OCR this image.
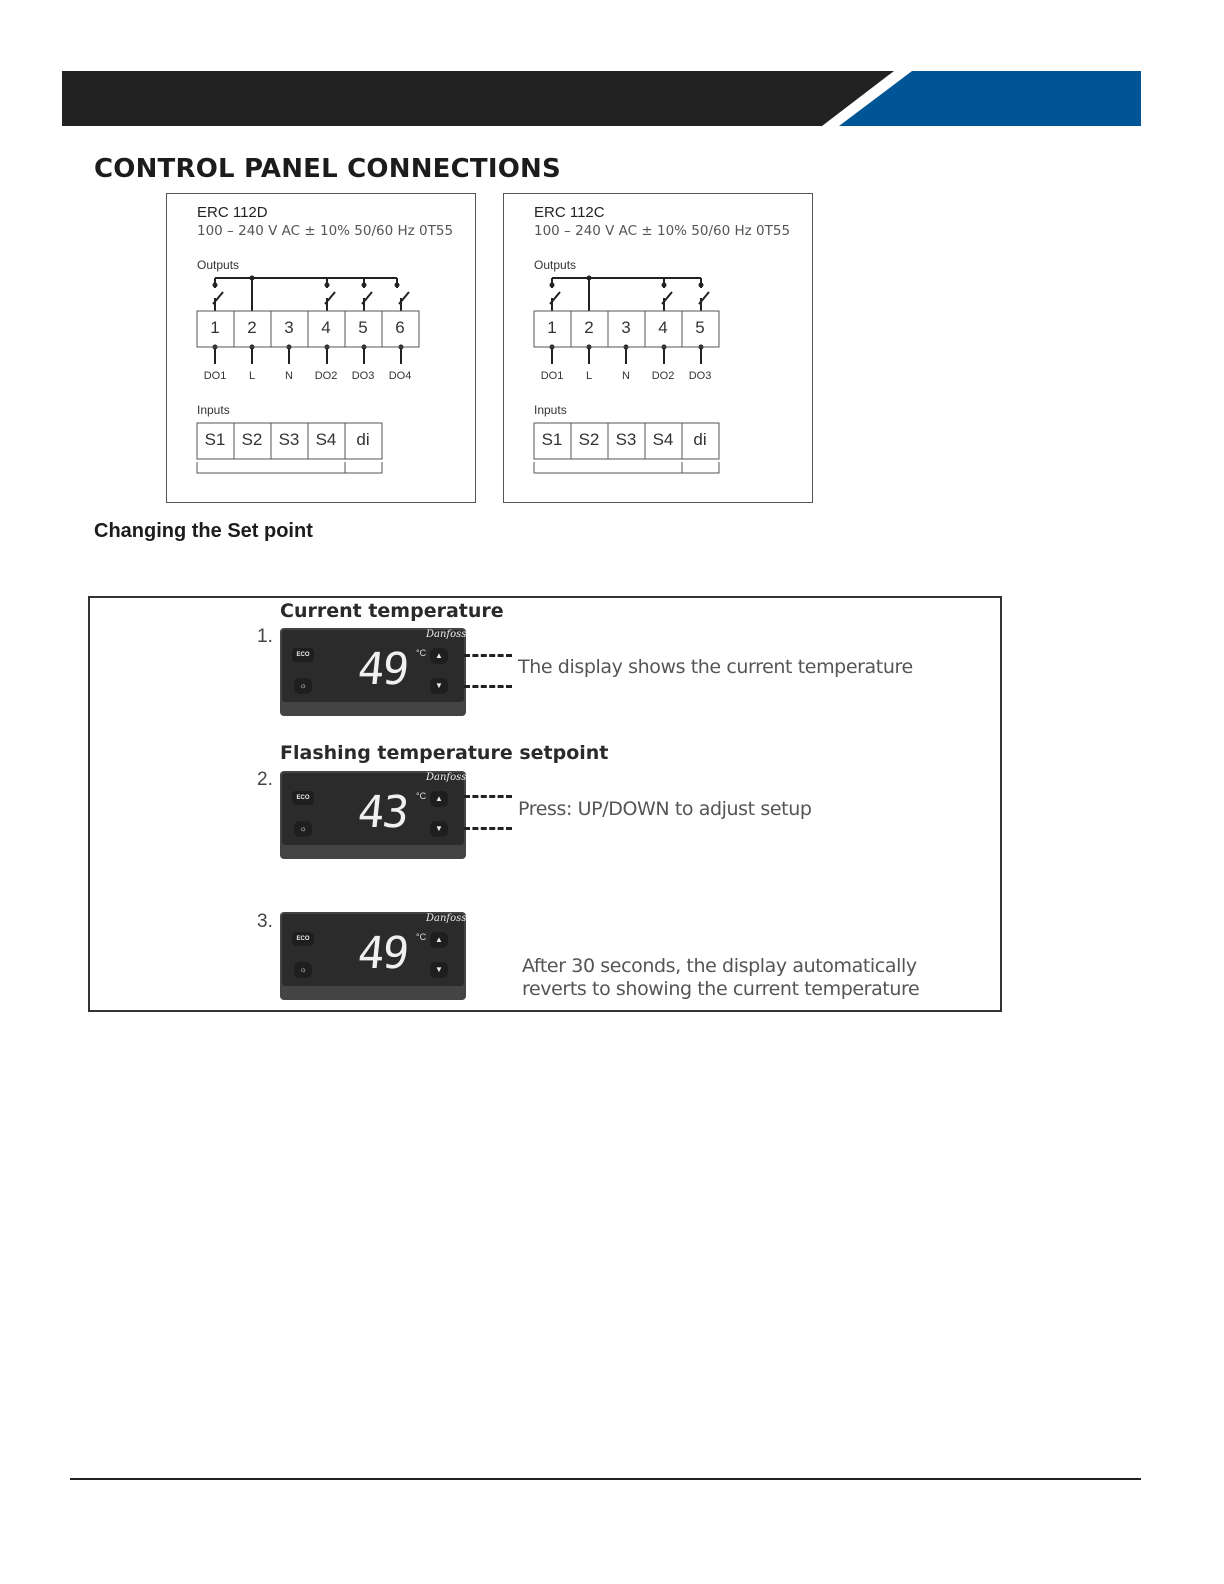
CONTROL PANEL CONNECTIONS
ERC 112D
100 – 240 V AC ± 10% 50/60 Hz 0T55
Outputs
1	2	3	4	5	6
DO1	L	N	DO2	DO3	DO4
Inputs
S1 S2 S3 S4	di
ERC 112C
100 – 240 V AC ± 10% 50/60 Hz 0T55
Outputs
1	2	3	4	5
DO1	L	N	DO2	DO3
Inputs
S1 S2 S3 S4	di
Changing the Set point
Current temperature
1.	Danfoss
ECO
☼ 49 °C	▲
▼
The display shows the current temperature
Flashing temperature setpoint
2.	Danfoss
ECO
☼ 43 °C	▲
▼
Press: UP/DOWN to adjust setup
3.	Danfoss
ECO
☼ 49 °C	▲
▼	After 30 seconds, the display automatically
reverts to showing the current temperature
